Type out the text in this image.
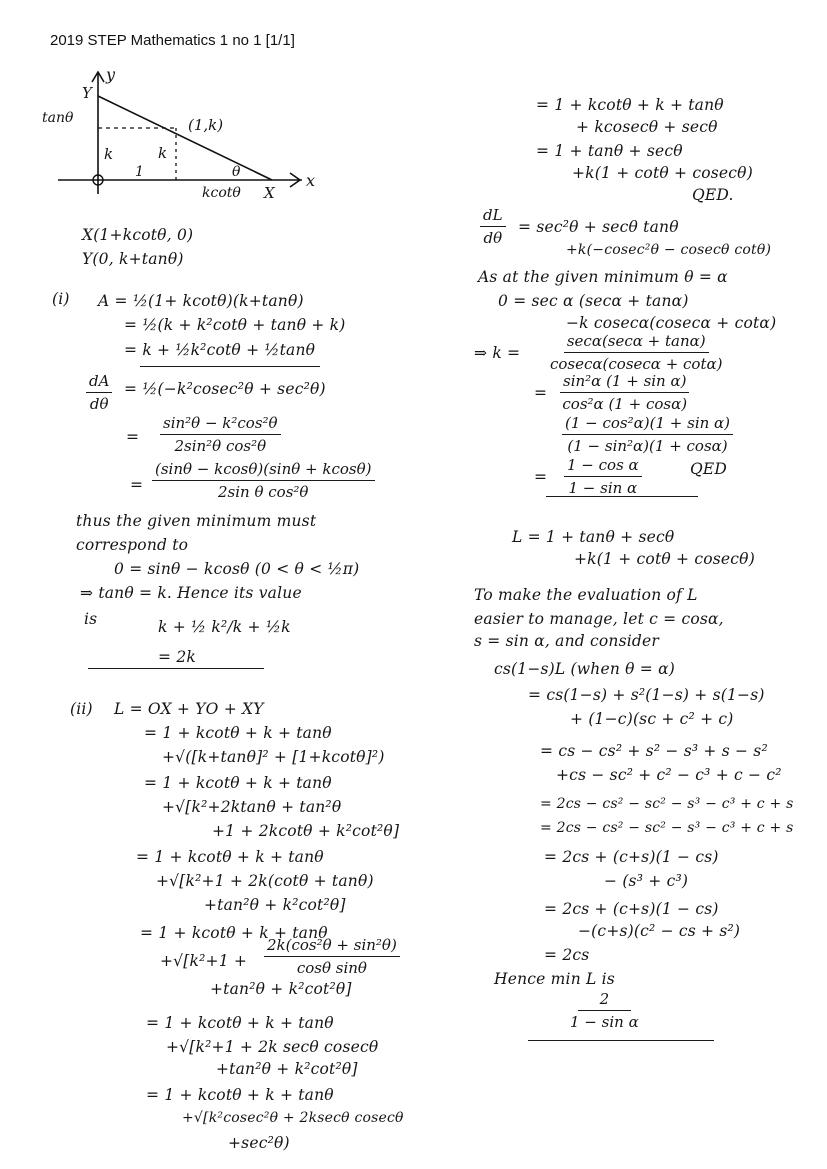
2019 STEP Mathematics 1 no 1 [1/1]
y
Y
tanθ	(1,k)
k	k
1	θ
kcotθ X
x
X(1+kcotθ, 0)
Y(0, k+tanθ)
(i) A = ½(1+ kcotθ)(k+tanθ)
= ½(k + k²cotθ + tanθ + k)
= k + ½k²cotθ + ½tanθ
$\frac{dA}{d\theta}$ = ½(−k²cosec²θ + sec²θ)
= $\frac{\text{sin²θ − k²cos²θ}}{\text{2sin²θ cos²θ}}$
= $\frac{(\sin\theta - kcos\theta)(\sin\theta + kcos\theta)}{\text{2sin θ cos²θ}}$
thus the given minimum must
correspond to
0 = sinθ − kcosθ (0 < θ < ½π)
⇒ tanθ = k. Hence its value
is	k + ½ k²/k + ½k
= 2k
(ii) L = OX + YO + XY
= 1 + kcotθ + k + tanθ
+√([k+tanθ]² + [1+kcotθ]²)
= 1 + kcotθ + k + tanθ
+√[k²+2ktanθ + tan²θ
+1 + 2kcotθ + k²cot²θ]
= 1 + kcotθ + k + tanθ
+√[k²+1 + 2k(cotθ + tanθ)
+tan²θ + k²cot²θ]
= 1 + kcotθ + k + tanθ
$+√[k^2+1 + \frac{\text{2k(cos²θ + sin²θ)}}{\text{cosθ sinθ}}$
+tan²θ + k²cot²θ]
= 1 + kcotθ + k + tanθ
+√[k²+1 + 2k secθ cosecθ
+tan²θ + k²cot²θ]
= 1 + kcotθ + k + tanθ
+√[k²cosec²θ + 2ksecθ cosecθ
+sec²θ)
= 1 + kcotθ + k + tanθ
+ kcosecθ + secθ
= 1 + tanθ + secθ
+k(1 + cotθ + cosecθ)
QED.
$\frac{dL}{d\theta} = \sec^2\theta + \sec\theta$ tanθ
+k(−cosec²θ − cosecθ cotθ)
As at the given minimum θ = α
0 = sec α (secα + tanα)
−k cosecα(cosecα + cotα)
⇒ k =
secα(secα + tanα)
cosecα(cosecα + cotα)
= $\frac{\text{sin²α (1 + sin α)}}{\text{cos²α (1 + cosα)}}$
$\frac{\text{(1 − cos²α)(1 + sin α)}}{\text{(1 − sin²α)(1 + cosα)}}$
= $\frac{\text{1 − cos α}}{\text{1 − sin α}}$	QED
L = 1 + tanθ + secθ
+k(1 + cotθ + cosecθ)
To make the evaluation of L
easier to manage, let c = cosα,
s = sin α, and consider
cs(1−s)L (when θ = α)
= cs(1−s) + s²(1−s) + s(1−s)
+ (1−c)(sc + c² + c)
= cs − cs² + s² − s³ + s − s²
+cs − sc² + c² − c³ + c − c²
= 2cs − cs² − sc² − s³ − c³ + c + s
= 2cs − cs² − sc² − s³ − c³ + c + s
= 2cs + (c+s)(1 − cs)
− (s³ + c³)
= 2cs + (c+s)(1 − cs)
−(c+s)(c² − cs + s²)
= 2cs
Hence min L is
$\frac{2}{\text{1 − sin α}}$
